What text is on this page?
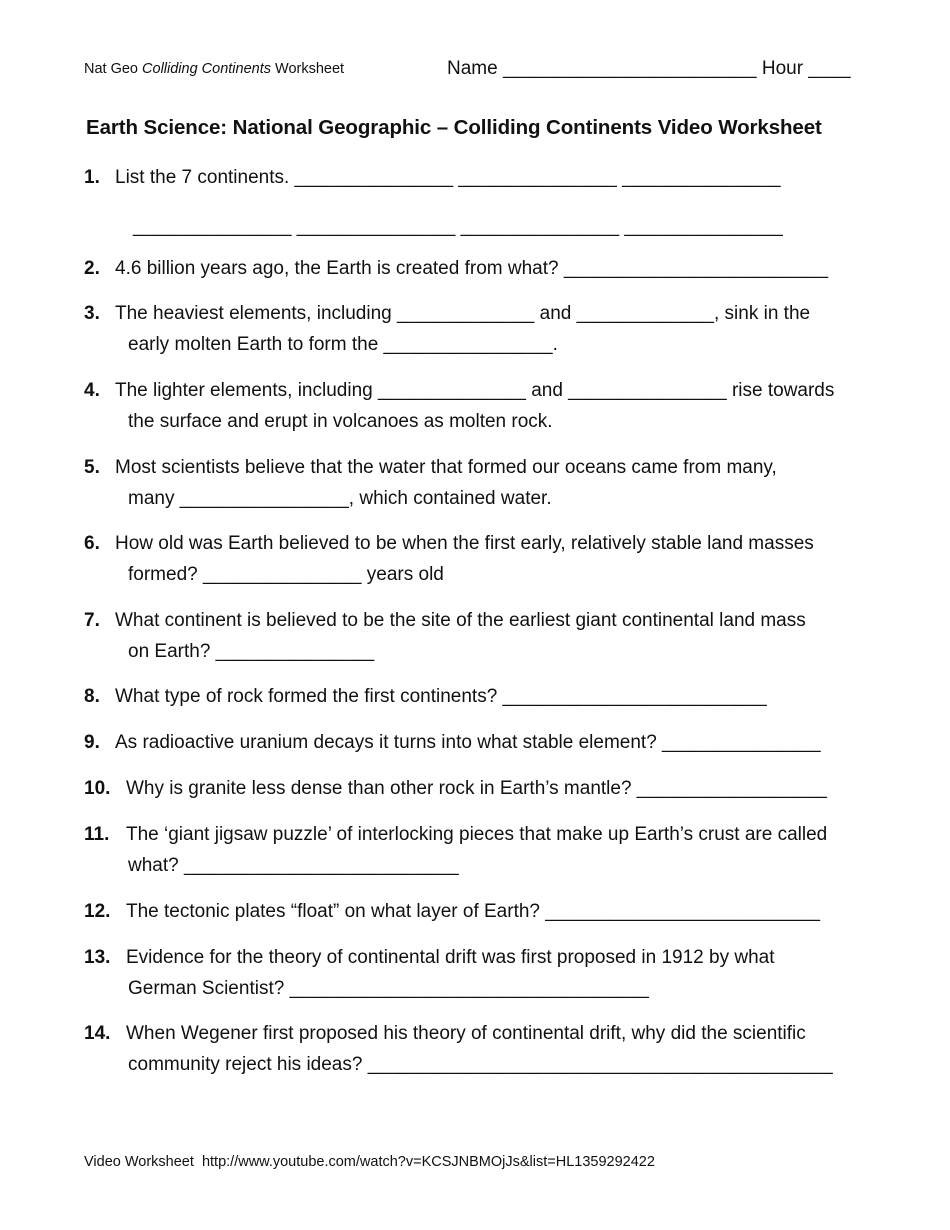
Nat Geo Colliding Continents Worksheet	Name ________________________ Hour ____
Earth Science: National Geographic – Colliding Continents Video Worksheet
1. List the 7 continents. _______________ _______________ _______________
_______________ _______________ _______________ _______________
2. 4.6 billion years ago, the Earth is created from what? _________________________
3. The heaviest elements, including _____________ and _____________, sink in the
early molten Earth to form the ________________.
4. The lighter elements, including ______________ and _______________ rise towards
the surface and erupt in volcanoes as molten rock.
5. Most scientists believe that the water that formed our oceans came from many,
many ________________, which contained water.
6. How old was Earth believed to be when the first early, relatively stable land masses
formed? _______________ years old
7. What continent is believed to be the site of the earliest giant continental land mass
on Earth? _______________
8. What type of rock formed the first continents? _________________________
9. As radioactive uranium decays it turns into what stable element? _______________
10. Why is granite less dense than other rock in Earth’s mantle? __________________
11. The ‘giant jigsaw puzzle’ of interlocking pieces that make up Earth’s crust are called
what? __________________________
12. The tectonic plates “float” on what layer of Earth? __________________________
13. Evidence for the theory of continental drift was first proposed in 1912 by what
German Scientist? __________________________________
14. When Wegener first proposed his theory of continental drift, why did the scientific
community reject his ideas? ____________________________________________
Video Worksheet  http://www.youtube.com/watch?v=KCSJNBMOjJs&list=HL1359292422
